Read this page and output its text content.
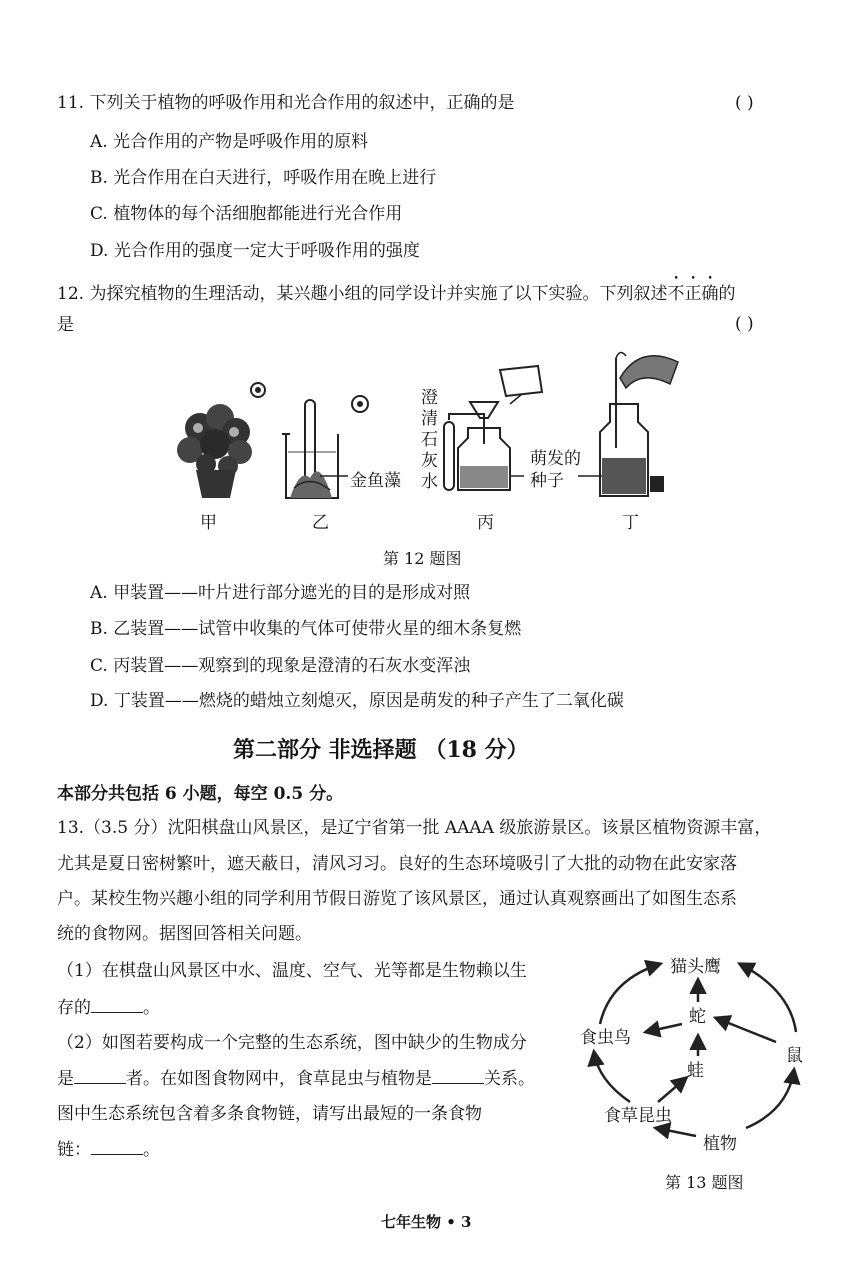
11. 下列关于植物的呼吸作用和光合作用的叙述中，正确的是	( )
A. 光合作用的产物是呼吸作用的原料
B. 光合作用在白天进行，呼吸作用在晚上进行
C. 植物体的每个活细胞都能进行光合作用
D. 光合作用的强度一定大于呼吸作用的强度
12. 为探究植物的生理活动，某兴趣小组的同学设计并实施了以下实验。下列叙述不正确的
是	( )
金鱼藻
澄
清
石
灰
水
萌发的
种子
甲	乙	丙	丁
第 12 题图
A. 甲装置——叶片进行部分遮光的目的是形成对照
B. 乙装置——试管中收集的气体可使带火星的细木条复燃
C. 丙装置——观察到的现象是澄清的石灰水变浑浊
D. 丁装置——燃烧的蜡烛立刻熄灭，原因是萌发的种子产生了二氧化碳
第二部分 非选择题 （18 分）
本部分共包括 6 小题，每空 0.5 分。
13.（3.5 分）沈阳棋盘山风景区，是辽宁省第一批 AAAA 级旅游景区。该景区植物资源丰富，
尤其是夏日密树繁叶，遮天蔽日，清风习习。良好的生态环境吸引了大批的动物在此安家落
户。某校生物兴趣小组的同学利用节假日游览了该风景区，通过认真观察画出了如图生态系
统的食物网。据图回答相关问题。
（1）在棋盘山风景区中水、温度、空气、光等都是生物赖以生
存的	。
（2）如图若要构成一个完整的生态系统，图中缺少的生物成分
是	者。在如图食物网中，食草昆虫与植物是	关系。
图中生态系统包含着多条食物链，请写出最短的一条食物
链：	。
猫头鹰
蛇
食虫鸟
鼠
蛙
食草昆虫
植物
第 13 题图
七年生物 • 3
